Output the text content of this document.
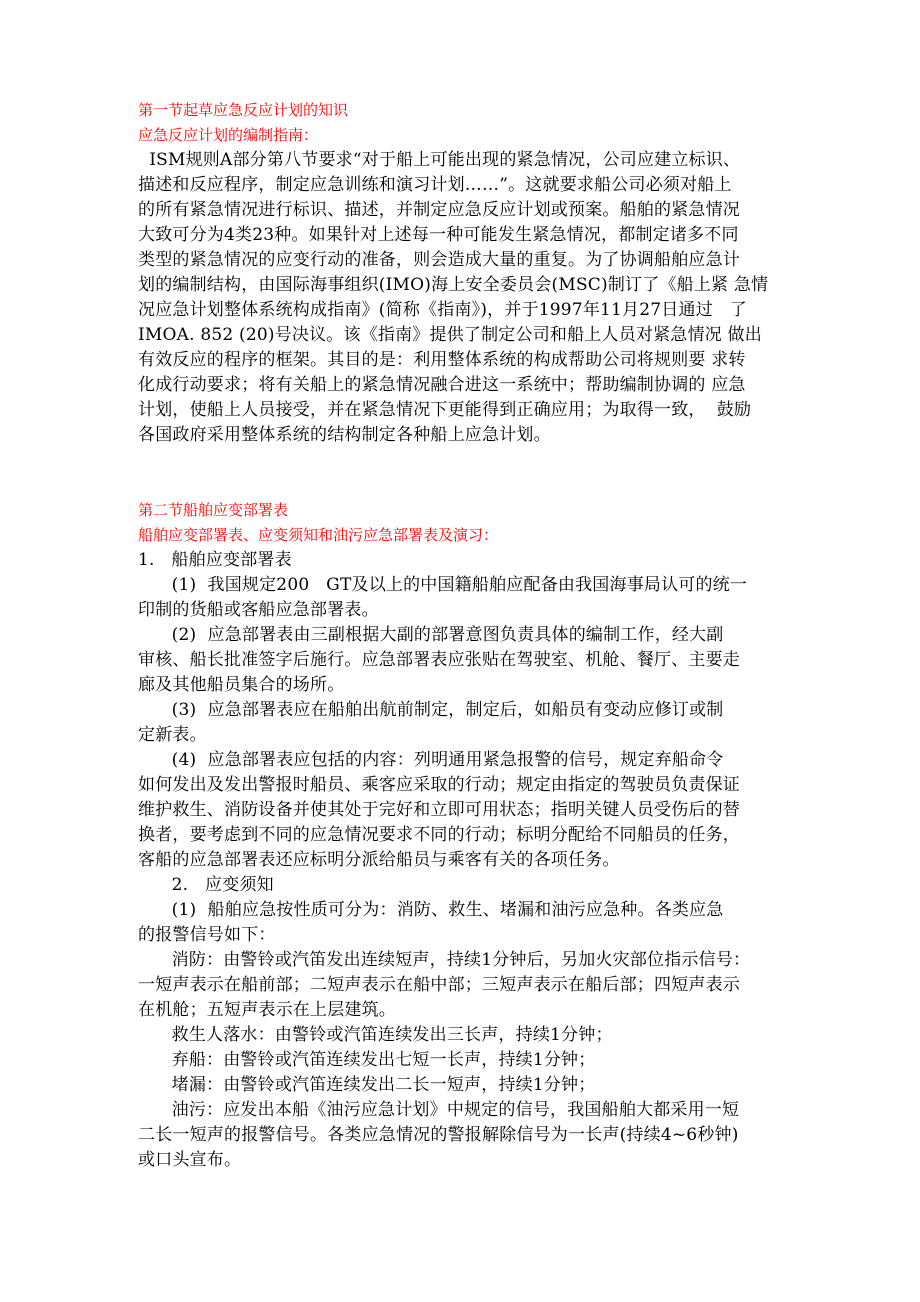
第一节起草应急反应计划的知识
应急反应计划的编制指南：
ISM规则A部分第八节要求“对于船上可能出现的紧急情况，公司应建立标识、
描述和反应程序，制定应急训练和演习计划……”。这就要求船公司必须对船上
的所有紧急情况进行标识、描述，并制定应急反应计划或预案。船舶的紧急情况
大致可分为4类23种。如果针对上述每一种可能发生紧急情况，都制定诸多不同
类型的紧急情况的应变行动的准备，则会造成大量的重复。为了协调船舶应急计
划的编制结构，由国际海事组织(IMO)海上安全委员会(MSC)制订了《船上紧 急情
况应急计划整体系统构成指南》(简称《指南》)，并于1997年11月27日通过   了
IMOA. 852 (20)号决议。该《指南》提供了制定公司和船上人员对紧急情况 做出
有效反应的程序的框架。其目的是：利用整体系统的构成帮助公司将规则要 求转
化成行动要求；将有关船上的紧急情况融合进这一系统中；帮助编制协调的 应急
计划，使船上人员接受，并在紧急情况下更能得到正确应用；为取得一致，  鼓励
各国政府采用整体系统的结构制定各种船上应急计划。
第二节船舶应变部署表
船舶应变部署表、应变须知和油污应急部署表及演习：
1.   船舶应变部署表
(1)  我国规定200   GT及以上的中国籍船舶应配备由我国海事局认可的统一
印制的货船或客船应急部署表。
(2)  应急部署表由三副根据大副的部署意图负责具体的编制工作，经大副
审核、船长批准签字后施行。应急部署表应张贴在驾驶室、机舱、餐厅、主要走
廊及其他船员集合的场所。
(3)  应急部署表应在船舶出航前制定，制定后，如船员有变动应修订或制
定新表。
(4)  应急部署表应包括的内容：列明通用紧急报警的信号，规定弃船命令
如何发出及发出警报时船员、乘客应采取的行动；规定由指定的驾驶员负责保证
维护救生、消防设备并使其处于完好和立即可用状态；指明关键人员受伤后的替
换者，要考虑到不同的应急情况要求不同的行动；标明分配给不同船员的任务，
客船的应急部署表还应标明分派给船员与乘客有关的各项任务。
2.   应变须知
(1)  船舶应急按性质可分为：消防、救生、堵漏和油污应急种。各类应急
的报警信号如下：
消防：由警铃或汽笛发出连续短声，持续1分钟后，另加火灾部位指示信号：
一短声表示在船前部；二短声表示在船中部；三短声表示在船后部；四短声表示
在机舱；五短声表示在上层建筑。
救生人落水：由警铃或汽笛连续发出三长声，持续1分钟；
弃船：由警铃或汽笛连续发出七短一长声，持续1分钟；
堵漏：由警铃或汽笛连续发出二长一短声，持续1分钟；
油污：应发出本船《油污应急计划》中规定的信号，我国船舶大都采用一短
二长一短声的报警信号。各类应急情况的警报解除信号为一长声(持续4~6秒钟)
或口头宣布。
